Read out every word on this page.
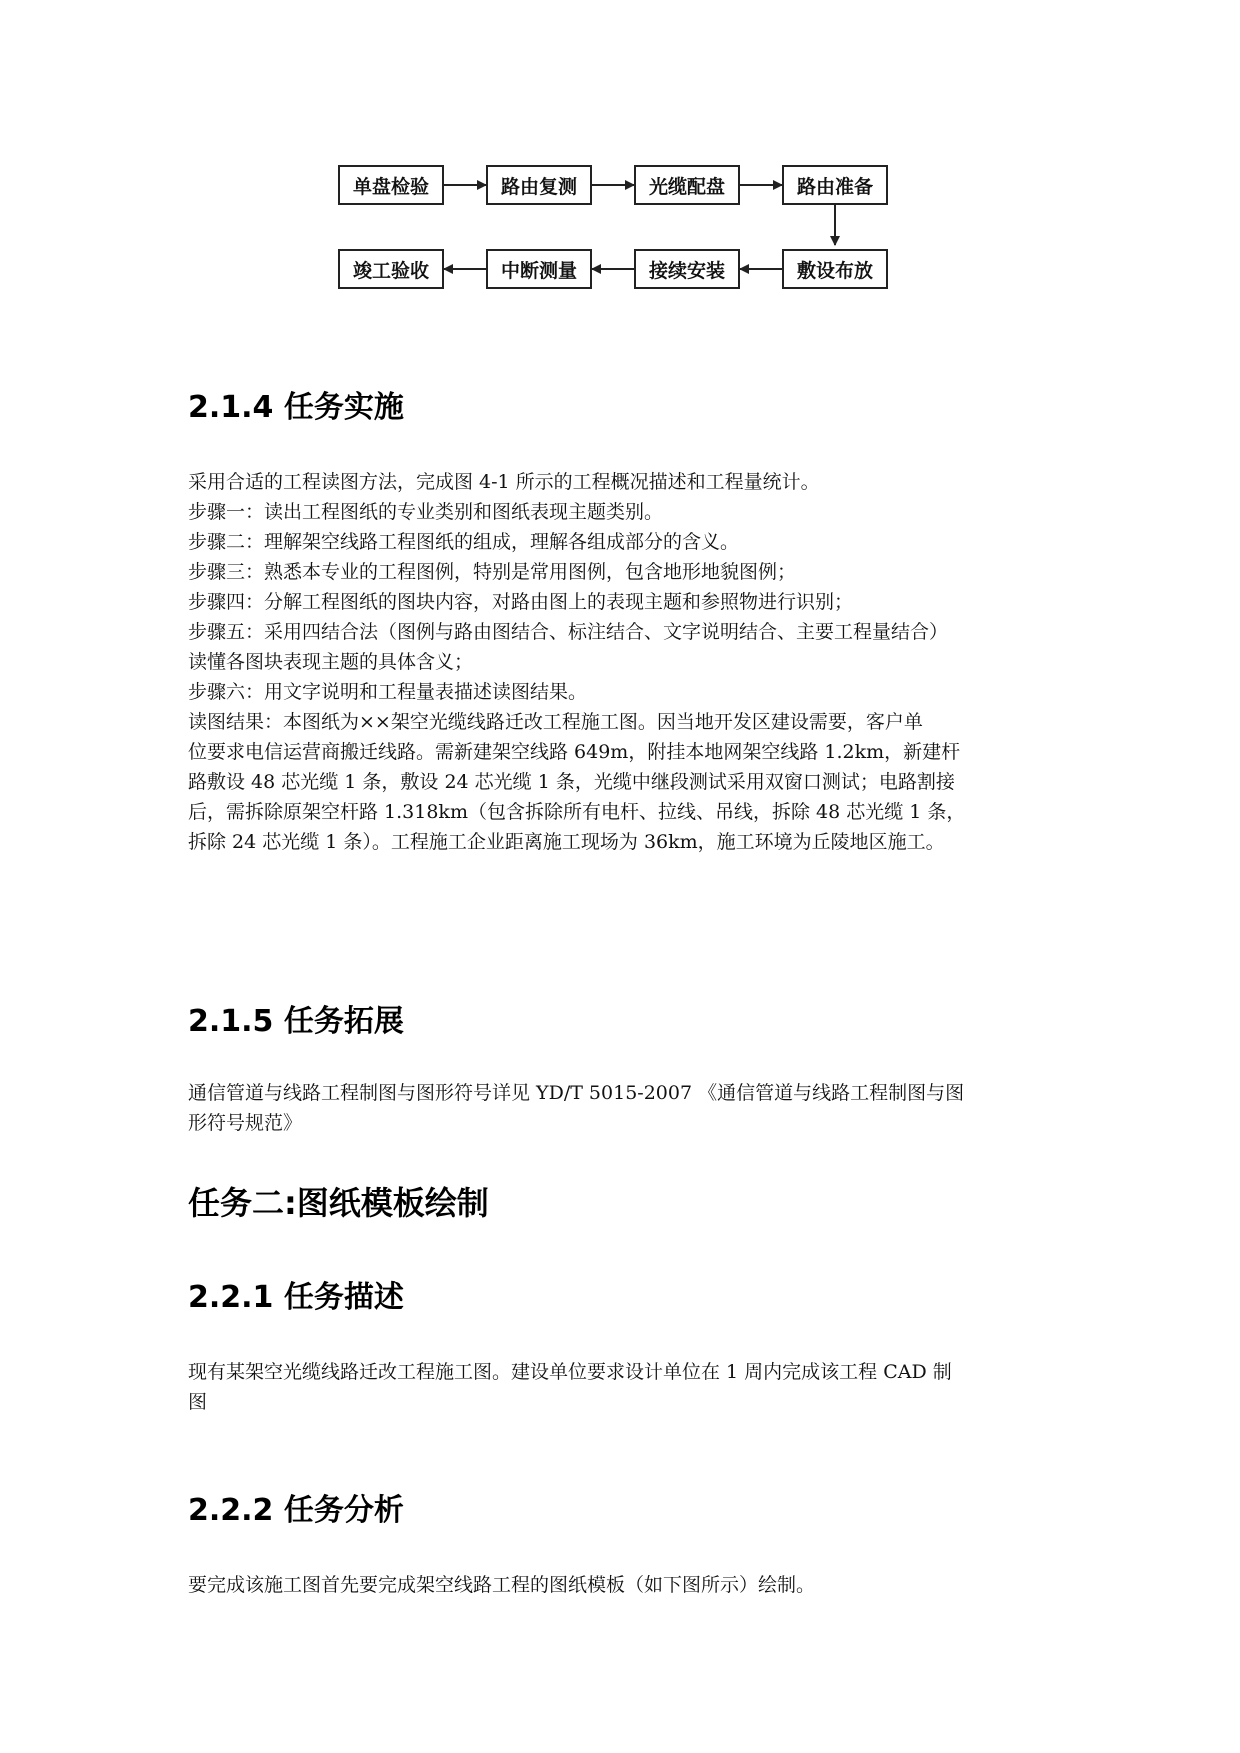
单盘检验	路由复测	光缆配盘	路由准备
竣工验收	中断测量	接续安装	敷设布放
2.1.4 任务实施
采用合适的工程读图方法，完成图 4-1 所示的工程概况描述和工程量统计。
步骤一：读出工程图纸的专业类别和图纸表现主题类别。
步骤二：理解架空线路工程图纸的组成，理解各组成部分的含义。
步骤三：熟悉本专业的工程图例，特别是常用图例，包含地形地貌图例；
步骤四：分解工程图纸的图块内容，对路由图上的表现主题和参照物进行识别；
步骤五：采用四结合法（图例与路由图结合、标注结合、文字说明结合、主要工程量结合）
读懂各图块表现主题的具体含义；
步骤六：用文字说明和工程量表描述读图结果。
读图结果：本图纸为××架空光缆线路迁改工程施工图。因当地开发区建设需要，客户单
位要求电信运营商搬迁线路。需新建架空线路 649m，附挂本地网架空线路 1.2km，新建杆
路敷设 48 芯光缆 1 条，敷设 24 芯光缆 1 条，光缆中继段测试采用双窗口测试；电路割接
后，需拆除原架空杆路 1.318km（包含拆除所有电杆、拉线、吊线，拆除 48 芯光缆 1 条，
拆除 24 芯光缆 1 条）。工程施工企业距离施工现场为 36km，施工环境为丘陵地区施工。
2.1.5 任务拓展
通信管道与线路工程制图与图形符号详见 YD/T 5015-2007 《通信管道与线路工程制图与图
形符号规范》
任务二:图纸模板绘制
2.2.1 任务描述
现有某架空光缆线路迁改工程施工图。建设单位要求设计单位在 1 周内完成该工程 CAD 制
图
2.2.2 任务分析
要完成该施工图首先要完成架空线路工程的图纸模板（如下图所示）绘制。
